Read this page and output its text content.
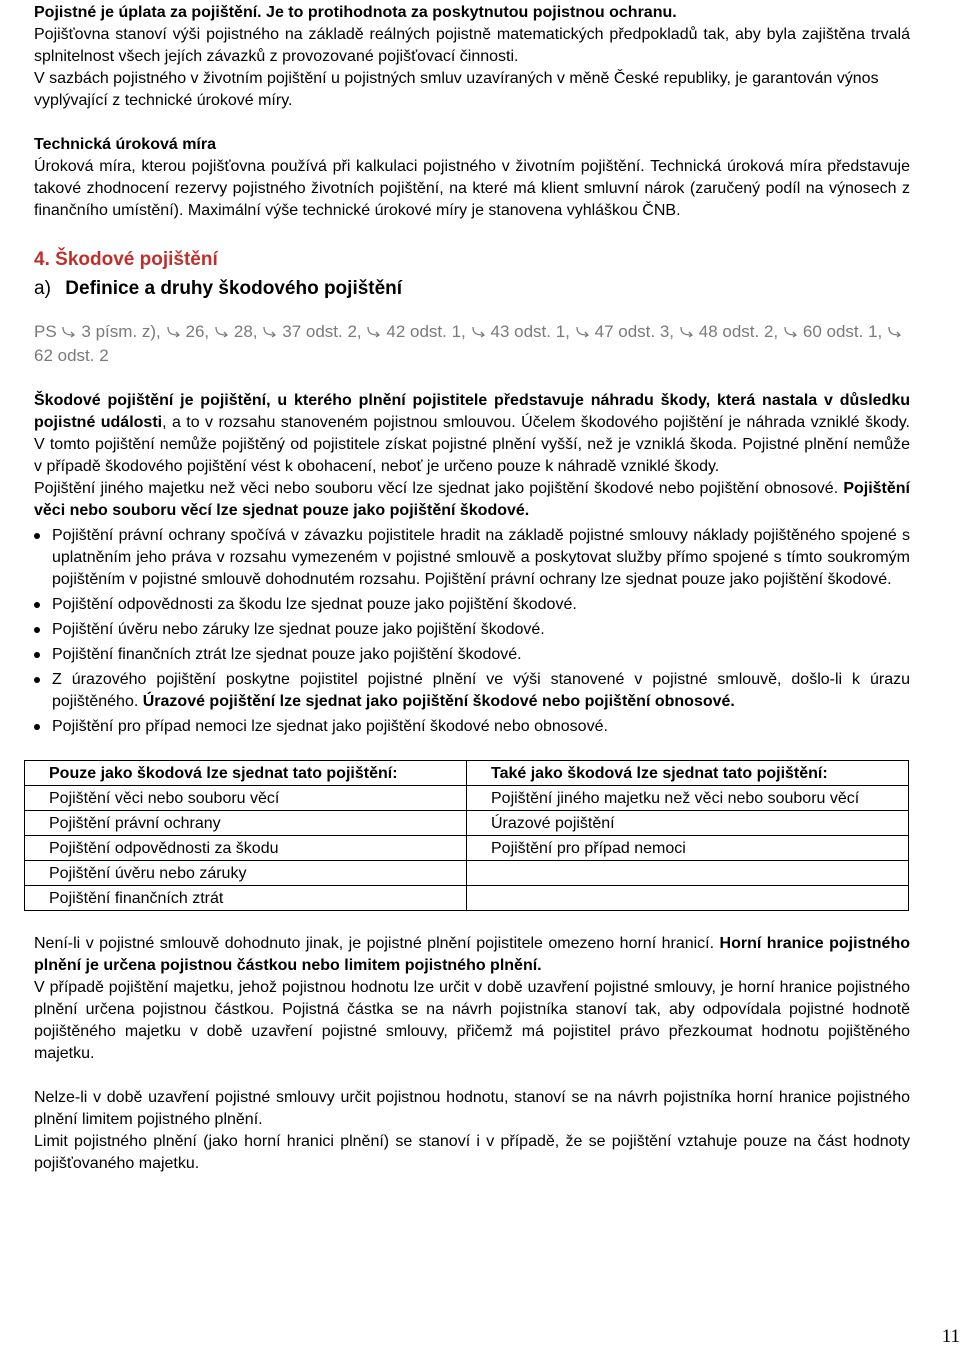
Pojistné je úplata za pojištění. Je to protihodnota za poskytnutou pojistnou ochranu.

Pojišťovna stanoví výši pojistného na základě reálných pojistně matematických předpokladů tak, aby byla zajištěna trvalá splnitelnost všech jejích závazků z provozované pojišťovací činnosti.

V sazbách pojistného v životním pojištění u pojistných smluv uzavíraných v měně České republiky, je garantován výnos vyplývající z technické úrokové míry.

Technická úroková míra

Úroková míra, kterou pojišťovna používá při kalkulaci pojistného v životním pojištění. Technická úroková míra představuje takové zhodnocení rezervy pojistného životních pojištění, na které má klient smluvní nárok (zaručený podíl na výnosech z finančního umístění). Maximální výše technické úrokové míry je stanovena vyhláškou ČNB.

4. Škodové pojištění
a) Definice a druhy škodového pojištění
PS 3 písm. z), 26, 28, 37 odst. 2, 42 odst. 1, 43 odst. 1, 47 odst. 3, 48 odst. 2, 60 odst. 1,
62 odst. 2

Škodové pojištění je pojištění, u kterého plnění pojistitele představuje náhradu škody, která nastala v důsledku pojistné události, a to v rozsahu stanoveném pojistnou smlouvou. Účelem škodového pojištění je náhrada vzniklé škody. V tomto pojištění nemůže pojištěný od pojistitele získat pojistné plnění vyšší, než je vzniklá škoda. Pojistné plnění nemůže v případě škodového pojištění vést k obohacení, neboť je určeno pouze k náhradě vzniklé škody.

Pojištění jiného majetku než věci nebo souboru věcí lze sjednat jako pojištění škodové nebo pojištění obnosové. Pojištění věci nebo souboru věcí lze sjednat pouze jako pojištění škodové.

Pojištění právní ochrany spočívá v závazku pojistitele hradit na základě pojistné smlouvy náklady pojištěného spojené s uplatněním jeho práva v rozsahu vymezeném v pojistné smlouvě a poskytovat služby přímo spojené s tímto soukromým pojištěním v pojistné smlouvě dohodnutém rozsahu. Pojištění právní ochrany lze sjednat pouze jako pojištění škodové.
Pojištění odpovědnosti za škodu lze sjednat pouze jako pojištění škodové.
Pojištění úvěru nebo záruky lze sjednat pouze jako pojištění škodové.
Pojištění finančních ztrát lze sjednat pouze jako pojištění škodové.
Z úrazového pojištění poskytne pojistitel pojistné plnění ve výši stanovené v pojistné smlouvě, došlo-li k úrazu pojištěného. Úrazové pojištění lze sjednat jako pojištění škodové nebo pojištění obnosové.
Pojištění pro případ nemoci lze sjednat jako pojištění škodové nebo obnosové.
Pouze jako škodová lze sjednat tato pojištění:	Také jako škodová lze sjednat tato pojištění:
Pojištění věci nebo souboru věcí	Pojištění jiného majetku než věci nebo souboru věcí
Pojištění právní ochrany	Úrazové pojištění
Pojištění odpovědnosti za škodu	Pojištění pro případ nemoci
Pojištění úvěru nebo záruky	
Pojištění finančních ztrát	

Není-li v pojistné smlouvě dohodnuto jinak, je pojistné plnění pojistitele omezeno horní hranicí. Horní hranice pojistného plnění je určena pojistnou částkou nebo limitem pojistného plnění.

V případě pojištění majetku, jehož pojistnou hodnotu lze určit v době uzavření pojistné smlouvy, je horní hranice pojistného plnění určena pojistnou částkou. Pojistná částka se na návrh pojistníka stanoví tak, aby odpovídala pojistné hodnotě pojištěného majetku v době uzavření pojistné smlouvy, přičemž má pojistitel právo přezkoumat hodnotu pojištěného majetku.

Nelze-li v době uzavření pojistné smlouvy určit pojistnou hodnotu, stanoví se na návrh pojistníka horní hranice pojistného plnění limitem pojistného plnění.

Limit pojistného plnění (jako horní hranici plnění) se stanoví i v případě, že se pojištění vztahuje pouze na část hodnoty pojišťovaného majetku.

11
